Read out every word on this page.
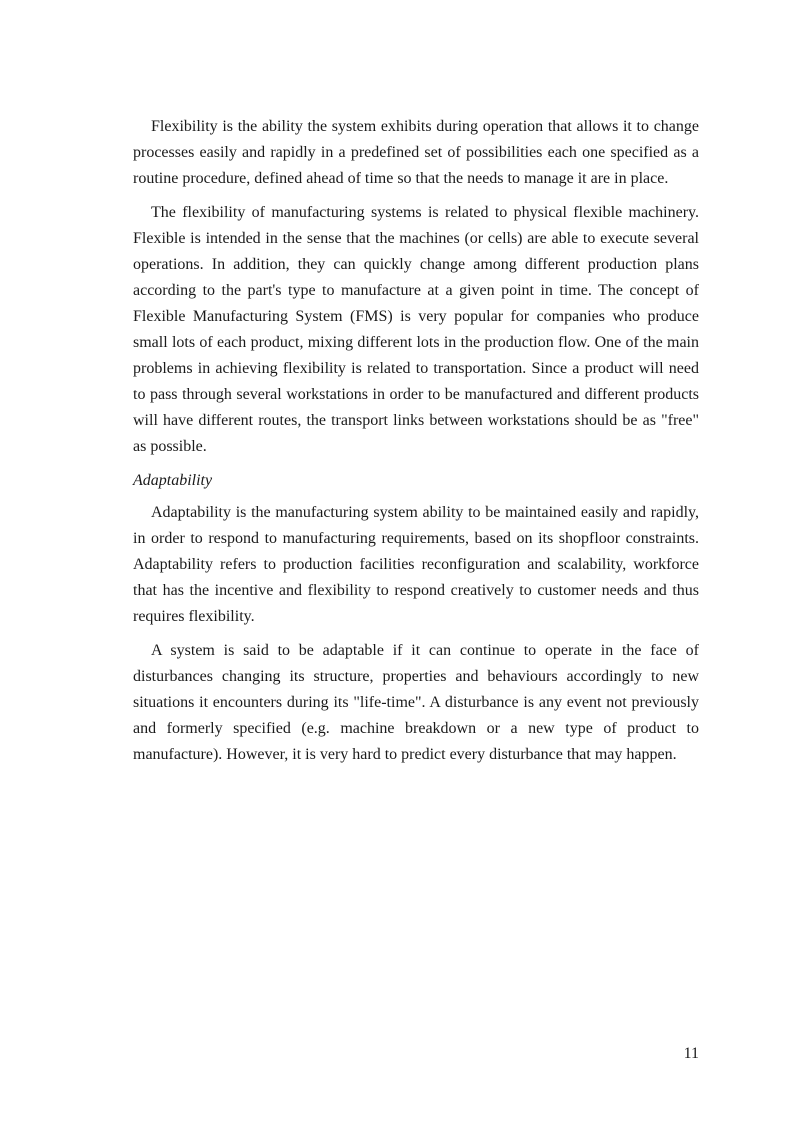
Flexibility is the ability the system exhibits during operation that allows it to change processes easily and rapidly in a predefined set of possibilities each one specified as a routine procedure, defined ahead of time so that the needs to manage it are in place.

The flexibility of manufacturing systems is related to physical flexible machinery. Flexible is intended in the sense that the machines (or cells) are able to execute several operations. In addition, they can quickly change among different production plans according to the part's type to manufacture at a given point in time. The concept of Flexible Manufacturing System (FMS) is very popular for companies who produce small lots of each product, mixing different lots in the production flow. One of the main problems in achieving flexibility is related to transportation. Since a product will need to pass through several workstations in order to be manufactured and different products will have different routes, the transport links between workstations should be as "free" as possible.

Adaptability

Adaptability is the manufacturing system ability to be maintained easily and rapidly, in order to respond to manufacturing requirements, based on its shopfloor constraints. Adaptability refers to production facilities reconfiguration and scalability, workforce that has the incentive and flexibility to respond creatively to customer needs and thus requires flexibility.

A system is said to be adaptable if it can continue to operate in the face of disturbances changing its structure, properties and behaviours accordingly to new situations it encounters during its "life-time". A disturbance is any event not previously and formerly specified (e.g. machine breakdown or a new type of product to manufacture). However, it is very hard to predict every disturbance that may happen.

11
